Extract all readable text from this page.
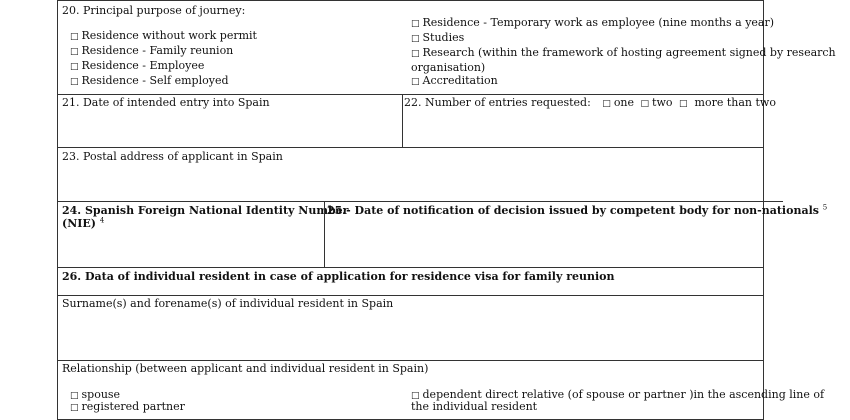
20. Principal purpose of journey:
□ Residence without work permit
□ Residence - Family reunion
□ Residence - Employee
□ Residence - Self employed
□ Residence - Temporary work as employee (nine months a year)
□ Studies
□ Research (within the framework of hosting agreement signed by research
organisation)
□ Accreditation
21. Date of intended entry into Spain	22. Number of entries requested: □ one □ two □ more than two
23. Postal address of applicant in Spain
24. Spanish Foreign National Identity Number
(NIE) $^4$
25.- Date of notification of decision issued by competent body for non-nationals $^5$
26. Data of individual resident in case of application for residence visa for family reunion
Surname(s) and forename(s) of individual resident in Spain
Relationship (between applicant and individual resident in Spain)
□ spouse
□ registered partner
□ dependent direct relative (of spouse or partner )in the ascending line of
the individual resident
